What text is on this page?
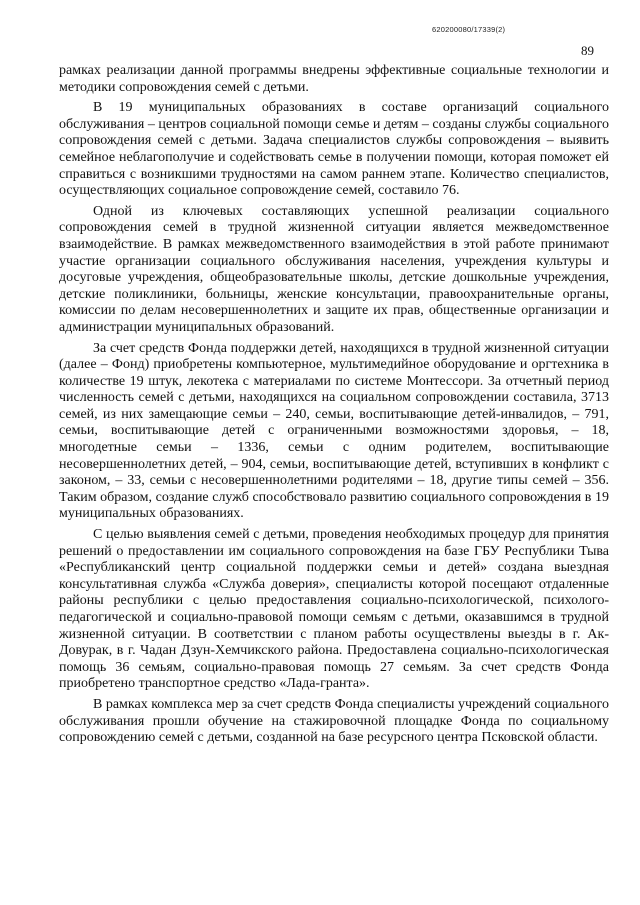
620200080/17339(2)
89

рамках реализации данной программы внедрены эффективные социальные технологии и методики сопровождения семей с детьми.

В 19 муниципальных образованиях в составе организаций социального обслуживания – центров социальной помощи семье и детям – созданы службы социального сопровождения семей с детьми. Задача специалистов службы сопровождения – выявить семейное неблагополучие и содействовать семье в получении помощи, которая поможет ей справиться с возникшими трудностями на самом раннем этапе. Количество специалистов, осуществляющих социальное сопровождение семей, составило 76.

Одной из ключевых составляющих успешной реализации социального сопровождения семей в трудной жизненной ситуации является межведомственное взаимодействие. В рамках межведомственного взаимодействия в этой работе принимают участие организации социального обслуживания населения, учреждения культуры и досуговые учреждения, общеобразовательные школы, детские дошкольные учреждения, детские поликлиники, больницы, женские консультации, правоохранительные органы, комиссии по делам несовершеннолетних и защите их прав, общественные организации и администрации муниципальных образований.

За счет средств Фонда поддержки детей, находящихся в трудной жизненной ситуации (далее – Фонд) приобретены компьютерное, мультимедийное оборудование и оргтехника в количестве 19 штук, лекотека с материалами по системе Монтессори. За отчетный период численность семей с детьми, находящихся на социальном сопровождении составила, 3713 семей, из них замещающие семьи – 240, семьи, воспитывающие детей-инвалидов, – 791, семьи, воспитывающие детей с ограниченными возможностями здоровья, – 18, многодетные семьи – 1336, семьи с одним родителем, воспитывающие несовершеннолетних детей, – 904, семьи, воспитывающие детей, вступивших в конфликт с законом, – 33, семьи с несовершеннолетними родителями – 18, другие типы семей – 356. Таким образом, создание служб способствовало развитию социального сопровождения в 19 муниципальных образованиях.

С целью выявления семей с детьми, проведения необходимых процедур для принятия решений о предоставлении им социального сопровождения на базе ГБУ Республики Тыва «Республиканский центр социальной поддержки семьи и детей» создана выездная консультативная служба «Служба доверия», специалисты которой посещают отдаленные районы республики с целью предоставления социально-психологической, психолого-педагогической и социально-правовой помощи семьям с детьми, оказавшимся в трудной жизненной ситуации. В соответствии с планом работы осуществлены выезды в г. Ак-Довурак, в г. Чадан Дзун-Хемчикского района. Предоставлена социально-психологическая помощь 36 семьям, социально-правовая помощь 27 семьям. За счет средств Фонда приобретено транспортное средство «Лада-гранта».

В рамках комплекса мер за счет средств Фонда специалисты учреждений социального обслуживания прошли обучение на стажировочной площадке Фонда по социальному сопровождению семей с детьми, созданной на базе ресурсного центра Псковской области.
